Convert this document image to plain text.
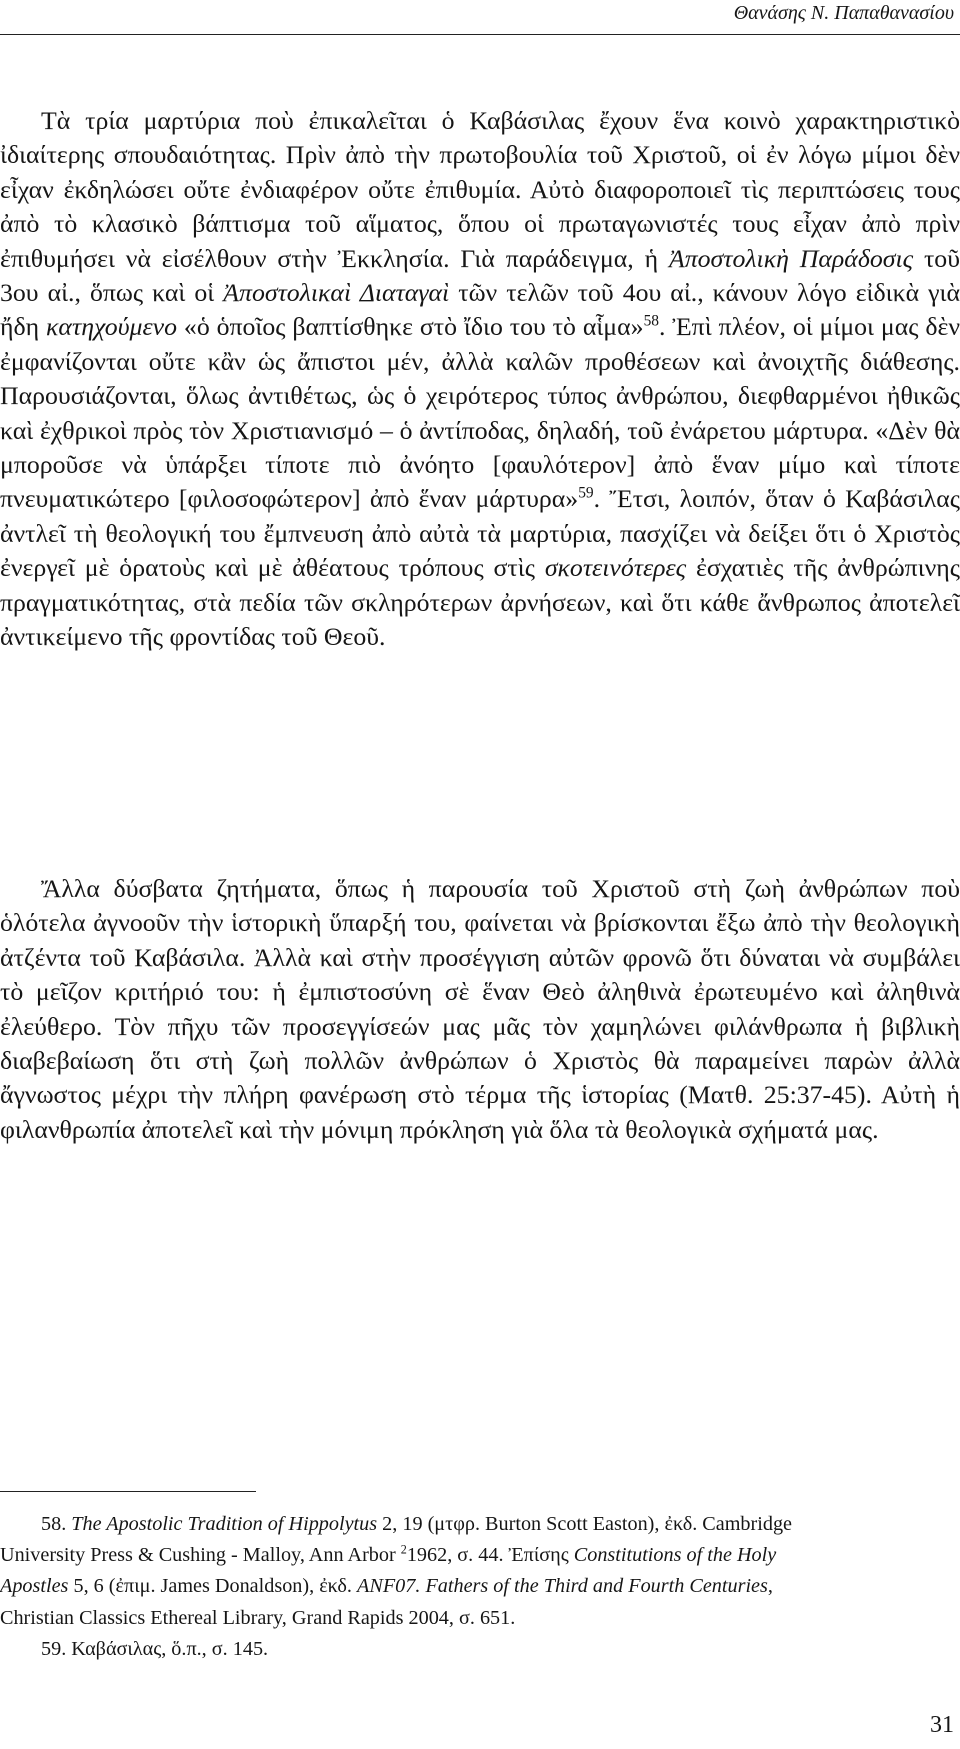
Θανάσης Ν. Παπαθανασίου
Τὰ τρία μαρτύρια ποὺ ἐπικαλεῖται ὁ Καβάσιλας ἔχουν ἕνα κοινὸ χαρακτηριστικὸ ἰδιαίτερης σπουδαιότητας. Πρὶν ἀπὸ τὴν πρωτοβουλία τοῦ Χριστοῦ, οἱ ἐν λόγω μίμοι δὲν εἶχαν ἐκδηλώσει οὔτε ἐνδιαφέρον οὔτε ἐπιθυμία. Αὐτὸ διαφοροποιεῖ τὶς περιπτώσεις τους ἀπὸ τὸ κλασικὸ βάπτισμα τοῦ αἵματος, ὅπου οἱ πρωταγωνιστές τους εἶχαν ἀπὸ πρὶν ἐπιθυμήσει νὰ εἰσέλθουν στὴν Ἐκκλησία. Γιὰ παράδειγμα, ἡ Ἀποστολικὴ Παράδοσις τοῦ 3ου αἰ., ὅπως καὶ οἱ Ἀποστολικαὶ Διαταγαὶ τῶν τελῶν τοῦ 4ου αἰ., κάνουν λόγο εἰδικὰ γιὰ ἤδη κατηχούμενο «ὁ ὁποῖος βαπτίσθηκε στὸ ἴδιο του τὸ αἷμα»$^{58}$. Ἐπὶ πλέον, οἱ μίμοι μας δὲν ἐμφανίζονται οὔτε κἂν ὡς ἄπιστοι μέν, ἀλλὰ καλῶν προθέσεων καὶ ἀνοιχτῆς διάθεσης. Παρουσιάζονται, ὅλως ἀντιθέτως, ὡς ὁ χειρότερος τύπος ἀνθρώπου, διεφθαρμένοι ἠθικῶς καὶ ἐχθρικοὶ πρὸς τὸν Χριστιανισμό – ὁ ἀντίποδας, δηλαδή, τοῦ ἐνάρετου μάρτυρα. «Δὲν θὰ μποροῦσε νὰ ὑπάρξει τίποτε πιὸ ἀνόητο [φαυλότερον] ἀπὸ ἕναν μίμο καὶ τίποτε πνευματικώτερο [φιλοσοφώτερον] ἀπὸ ἕναν μάρτυρα»$^{59}$. Ἔτσι, λοιπόν, ὅταν ὁ Καβάσιλας ἀντλεῖ τὴ θεολογική του ἔμπνευση ἀπὸ αὐτὰ τὰ μαρτύρια, πασχίζει νὰ δείξει ὅτι ὁ Χριστὸς ἐνεργεῖ μὲ ὁρατοὺς καὶ μὲ ἀθέατους τρόπους στὶς σκοτεινότερες ἐσχατιὲς τῆς ἀνθρώπινης πραγματικότητας, στὰ πεδία τῶν σκληρότερων ἀρνήσεων, καὶ ὅτι κάθε ἄνθρωπος ἀποτελεῖ ἀντικείμενο τῆς φροντίδας τοῦ Θεοῦ.
Ἄλλα δύσβατα ζητήματα, ὅπως ἡ παρουσία τοῦ Χριστοῦ στὴ ζωὴ ἀνθρώπων ποὺ ὁλότελα ἀγνοοῦν τὴν ἱστορικὴ ὕπαρξή του, φαίνεται νὰ βρίσκονται ἔξω ἀπὸ τὴν θεολογικὴ ἀτζέντα τοῦ Καβάσιλα. Ἀλλὰ καὶ στὴν προσέγγιση αὐτῶν φρονῶ ὅτι δύναται νὰ συμβάλει τὸ μεῖζον κριτήριό του: ἡ ἐμπιστοσύνη σὲ ἕναν Θεὸ ἀληθινὰ ἐρωτευμένο καὶ ἀληθινὰ ἐλεύθερο. Τὸν πῆχυ τῶν προσεγγίσεών μας μᾶς τὸν χαμηλώνει φιλάνθρωπα ἡ βιβλικὴ διαβεβαίωση ὅτι στὴ ζωὴ πολλῶν ἀνθρώπων ὁ Χριστὸς θὰ παραμείνει παρὼν ἀλλὰ ἄγνωστος μέχρι τὴν πλήρη φανέρωση στὸ τέρμα τῆς ἱστορίας (Ματθ. 25:37-45). Αὐτὴ ἡ φιλανθρωπία ἀποτελεῖ καὶ τὴν μόνιμη πρόκληση γιὰ ὅλα τὰ θεολογικὰ σχήματά μας.
58. The Apostolic Tradition of Hippolytus 2, 19 (μτφρ. Burton Scott Easton), ἐκδ. Cambridge
University Press & Cushing - Malloy, Ann Arbor $^2$1962, σ. 44. Ἐπίσης Constitutions of the Holy
Apostles 5, 6 (ἐπιμ. James Donaldson), ἐκδ. ANF07. Fathers of the Third and Fourth Centuries,
Christian Classics Ethereal Library, Grand Rapids 2004, σ. 651.
59. Καβάσιλας, ὅ.π., σ. 145.
31
